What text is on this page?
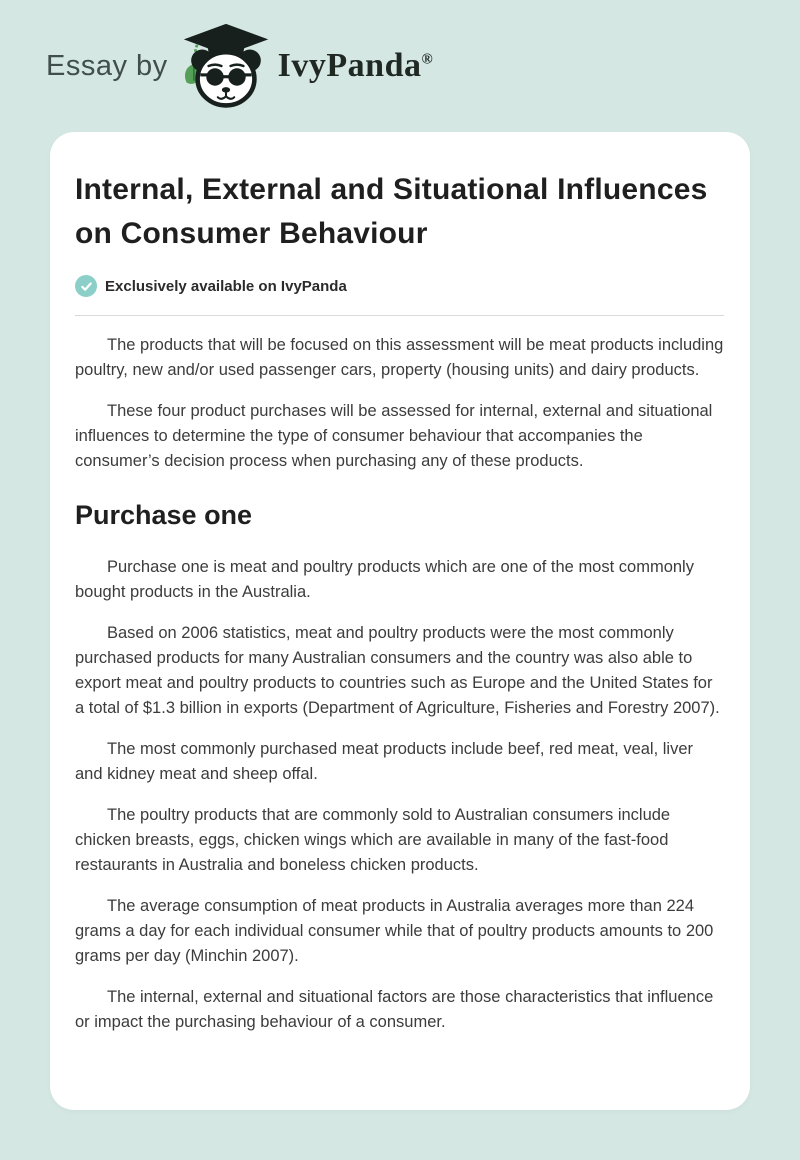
Essay by	IvyPanda®
Internal, External and Situational Influences on Consumer Behaviour
Exclusively available on IvyPanda

The products that will be focused on this assessment will be meat products including poultry, new and/or used passenger cars, property (housing units) and dairy products.

These four product purchases will be assessed for internal, external and situational influences to determine the type of consumer behaviour that accompanies the consumer’s decision process when purchasing any of these products.

Purchase one

Purchase one is meat and poultry products which are one of the most commonly bought products in the Australia.

Based on 2006 statistics, meat and poultry products were the most commonly purchased products for many Australian consumers and the country was also able to export meat and poultry products to countries such as Europe and the United States for a total of $1.3 billion in exports (Department of Agriculture, Fisheries and Forestry 2007).

The most commonly purchased meat products include beef, red meat, veal, liver and kidney meat and sheep offal.

The poultry products that are commonly sold to Australian consumers include chicken breasts, eggs, chicken wings which are available in many of the fast-food restaurants in Australia and boneless chicken products.

The average consumption of meat products in Australia averages more than 224 grams a day for each individual consumer while that of poultry products amounts to 200 grams per day (Minchin 2007).

The internal, external and situational factors are those characteristics that influence or impact the purchasing behaviour of a consumer.
